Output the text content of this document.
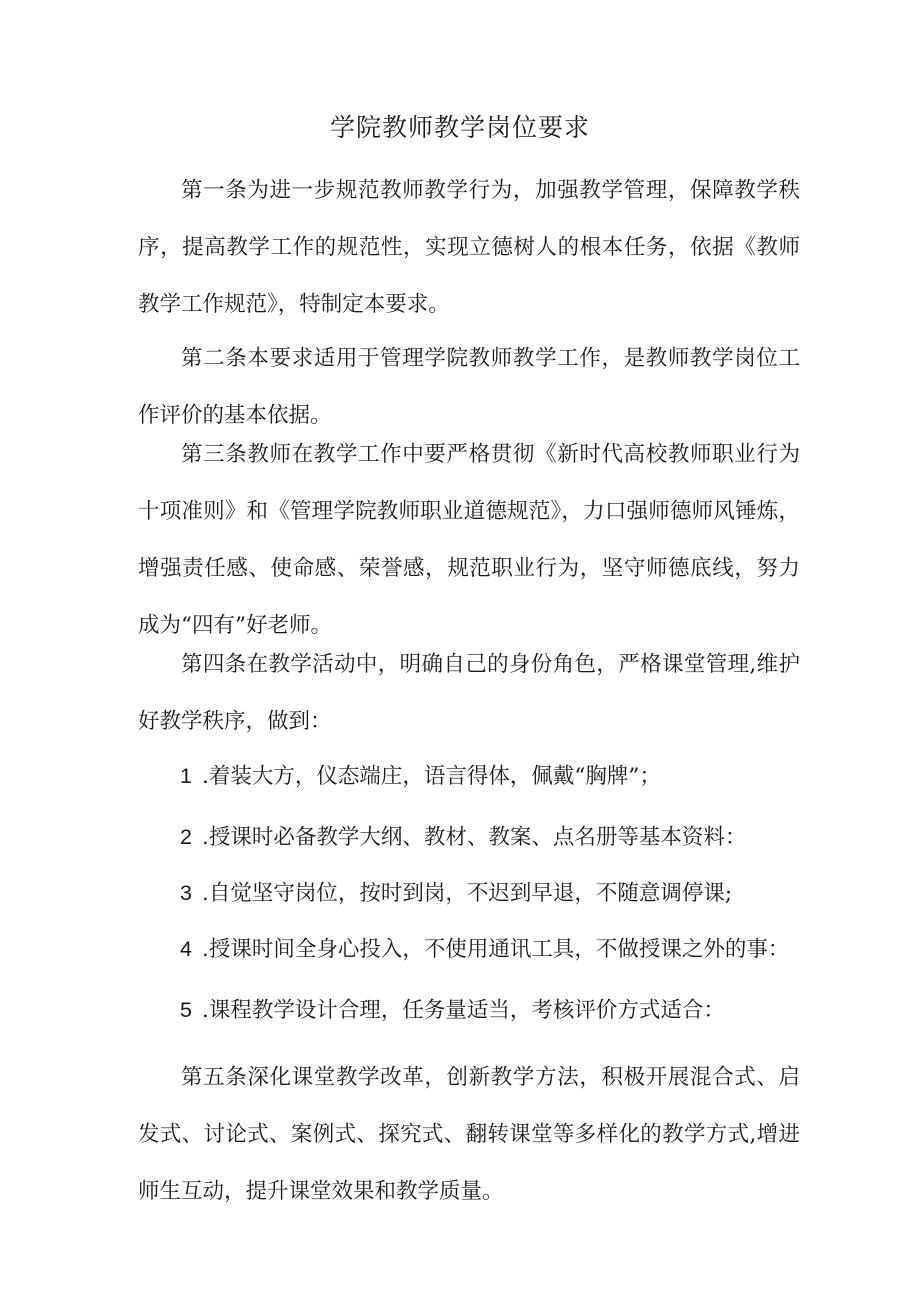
学院教师教学岗位要求

第一条为进一步规范教师教学行为，加强教学管理，保障教学秩序，提高教学工作的规范性，实现立德树人的根本任务，依据《教师教学工作规范》，特制定本要求。

第二条本要求适用于管理学院教师教学工作，是教师教学岗位工作评价的基本依据。

第三条教师在教学工作中要严格贯彻《新时代高校教师职业行为十项准则》和《管理学院教师职业道德规范》，力口强师德师风锤炼，增强责任感、使命感、荣誉感，规范职业行为，坚守师德底线，努力成为“四有”好老师。

第四条在教学活动中，明确自己的身份角色，严格课堂管理,维护好教学秩序，做到：

1 .着装大方，仪态端庄，语言得体，佩戴“胸牌”；
2 .授课时必备教学大纲、教材、教案、点名册等基本资料：
3 .自觉坚守岗位，按时到岗，不迟到早退，不随意调停课;
4 .授课时间全身心投入，不使用通讯工具，不做授课之外的事：
5 .课程教学设计合理，任务量适当，考核评价方式适合：

第五条深化课堂教学改革，创新教学方法，积极开展混合式、启发式、讨论式、案例式、探究式、翻转课堂等多样化的教学方式,增进师生互动，提升课堂效果和教学质量。
